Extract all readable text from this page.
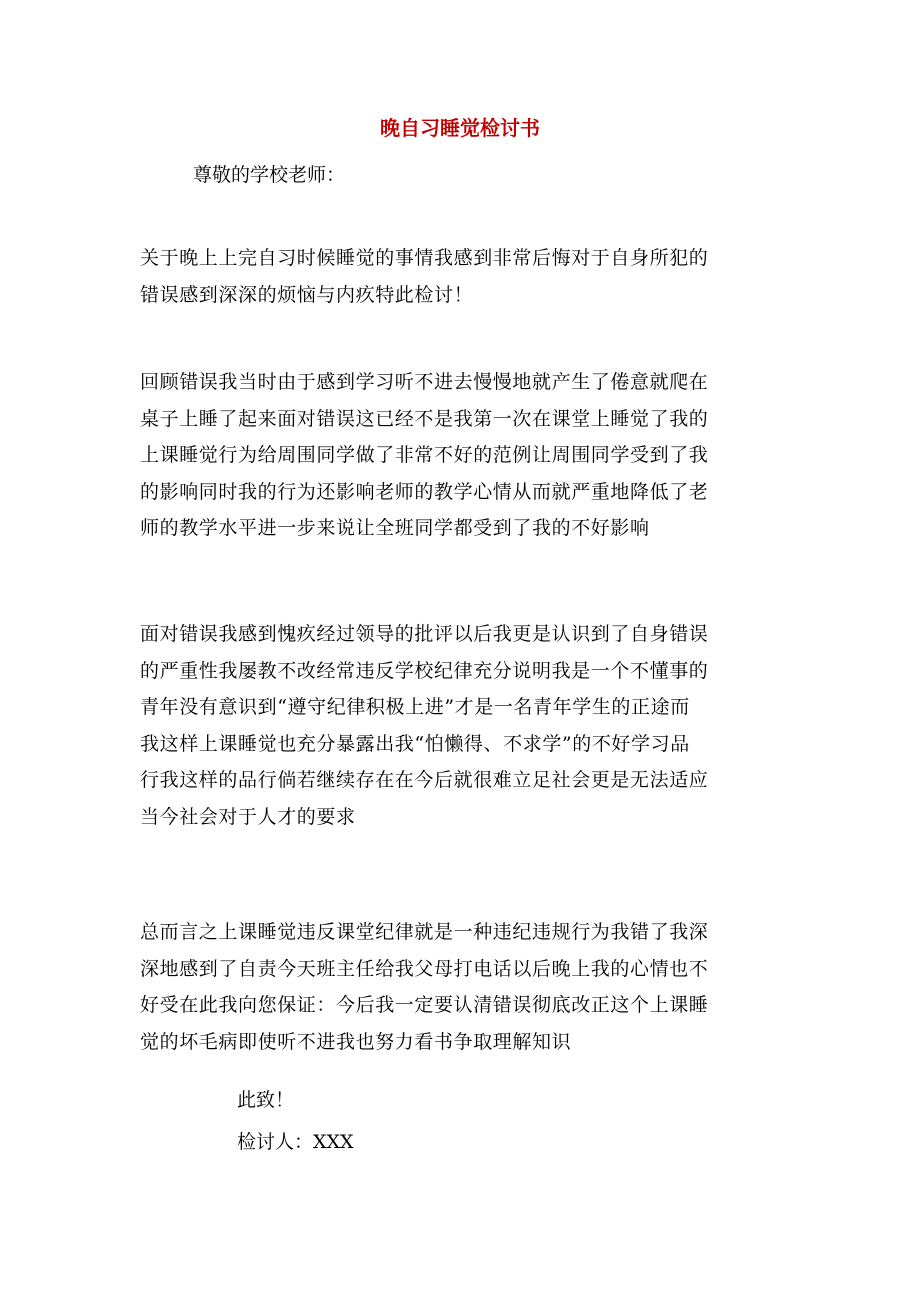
晚自习睡觉检讨书
尊敬的学校老师：
关于晚上上完自习时候睡觉的事情我感到非常后悔对于自身所犯的
错误感到深深的烦恼与内疚特此检讨！
回顾错误我当时由于感到学习听不进去慢慢地就产生了倦意就爬在
桌子上睡了起来面对错误这已经不是我第一次在课堂上睡觉了我的
上课睡觉行为给周围同学做了非常不好的范例让周围同学受到了我
的影响同时我的行为还影响老师的教学心情从而就严重地降低了老
师的教学水平进一步来说让全班同学都受到了我的不好影响
面对错误我感到愧疚经过领导的批评以后我更是认识到了自身错误
的严重性我屡教不改经常违反学校纪律充分说明我是一个不懂事的
青年没有意识到“遵守纪律积极上进”才是一名青年学生的正途而
我这样上课睡觉也充分暴露出我“怕懒得、不求学”的不好学习品
行我这样的品行倘若继续存在在今后就很难立足社会更是无法适应
当今社会对于人才的要求
总而言之上课睡觉违反课堂纪律就是一种违纪违规行为我错了我深
深地感到了自责今天班主任给我父母打电话以后晚上我的心情也不
好受在此我向您保证：今后我一定要认清错误彻底改正这个上课睡
觉的坏毛病即使听不进我也努力看书争取理解知识
此致！
检讨人：XXX
